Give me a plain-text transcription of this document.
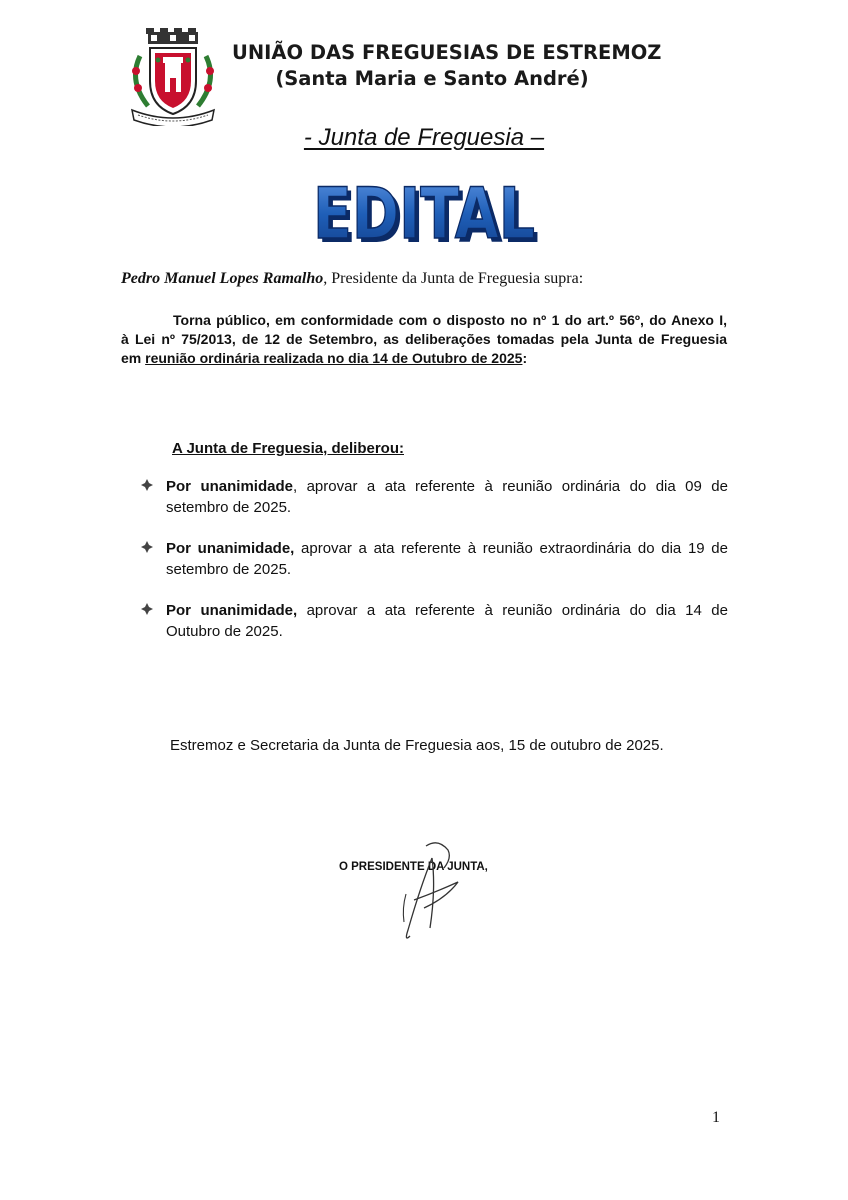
UNIÃO DAS FREGUESIAS DE ESTREMOZ
(Santa Maria e Santo André)
- Junta de Freguesia –
EDITAL
EDITAL
Pedro Manuel Lopes Ramalho, Presidente da Junta de Freguesia supra:
Torna público, em conformidade com o disposto no nº 1 do art.º 56º, do Anexo I,
à Lei nº 75/2013, de 12 de Setembro, as deliberações tomadas pela Junta de Freguesia
em reunião ordinária realizada no dia 14 de Outubro de 2025:
A Junta de Freguesia, deliberou:
Por unanimidade, aprovar a ata referente à reunião ordinária do dia 09 de
setembro de 2025.
Por unanimidade, aprovar a ata referente à reunião extraordinária do dia 19 de
setembro de 2025.
Por unanimidade, aprovar a ata referente à reunião ordinária do dia 14 de
Outubro de 2025.
Estremoz e Secretaria da Junta de Freguesia aos, 15 de outubro de 2025.
O PRESIDENTE DA JUNTA,
1
